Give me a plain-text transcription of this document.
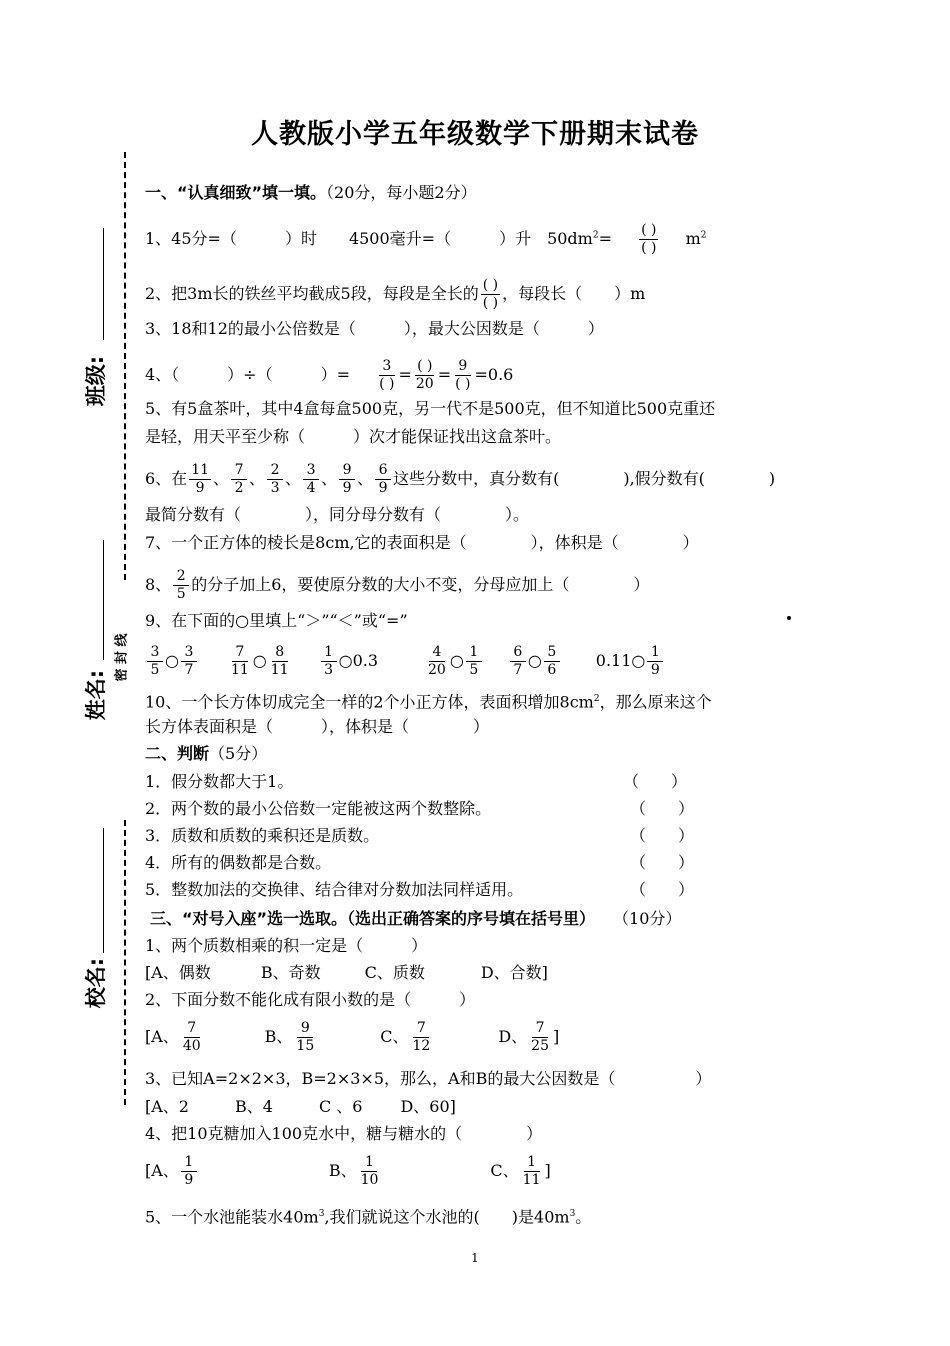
班级:
姓名:
校名:
密 封 线
人教版小学五年级数学下册期末试卷
一、“认真细致”填一填。（20分，每小题2分）
1、45分=（　　　）时　　4500毫升=（　　　）升　$50dm^2=$ ( )
( ) $m^2$
2、把3m长的铁丝平均截成5段，每段是全长的 ( )
( ) ，每段长（　　）m
3、18和12的最小公倍数是（　　　），最大公因数是（　　　）
4、（　　　）÷（　　　）= 3
( ) = ( )
20 = 9
( ) =0.6
5、有5盒茶叶，其中4盒每盒500克，另一代不是500克，但不知道比500克重还
是轻，用天平至少称（　　　）次才能保证找出这盒茶叶。
6、在 $\frac{11}{9}$ 、 $\frac{7}{2}$ 、 $\frac{2}{3}$ 、 $\frac{3}{4}$ 、 $\frac{9}{9}$ 、 $\frac{6}{9}$ 这些分数中，真分数有(　　　　),假分数有(　　　　)
最简分数有（　　　　），同分母分数有（　　　　）。
7、一个正方体的棱长是8cm,它的表面积是（　　　　），体积是（　　　　）
8、 $\frac{2}{5}$ 的分子加上6，要使原分数的大小不变，分母应加上（　　　　）
9、在下面的○里填上“＞”“＜”或“=”
$\frac{3}{5}$ ○ $\frac{3}{7} \frac{7}{11}$ ○ $\frac{8}{11} \frac{1}{3}$ ○0.3	$\frac{4}{20}$ ○ $\frac{1}{5} \frac{6}{7}$ ○ $\frac{5}{6}$ 0.11○ $\frac{1}{9}$
10、一个长方体切成完全一样的2个小正方体，表面积增加$8cm^2$，那么原来这个
长方体表面积是（　　　），体积是（　　　　）
二、判断（5分）
1．假分数都大于1。	（　　）
2．两个数的最小公倍数一定能被这两个数整除。	（　　）
3．质数和质数的乘积还是质数。	（　　）
4．所有的偶数都是合数。	（　　）
5．整数加法的交换律、结合律对分数加法同样适用。	（　　）
三、“对号入座”选一选取。（选出正确答案的序号填在括号里） （10分）
1、两个质数相乘的积一定是（　　　）
[A、偶数	B、奇数	C、质数	D、合数]
2、下面分数不能化成有限小数的是（　　　）
[A、 $\frac{7}{40}$	B、 $\frac{9}{15}$	C、 $\frac{7}{12}$	D、 $\frac{7}{25}$ ]
3、已知A=2×2×3，B=2×3×5，那么，A和B的最大公因数是（　　　　　）
[A、2	B、4	C 、6 D、60]
4、把10克糖加入100克水中，糖与糖水的（　　　　）
[A、 $\frac{1}{9}$	B、 $\frac{1}{10}$	C、 $\frac{1}{11}$ ]
5、一个水池能装水$40m^3$,我们就说这个水池的(　　)是$40m^3$。
1
